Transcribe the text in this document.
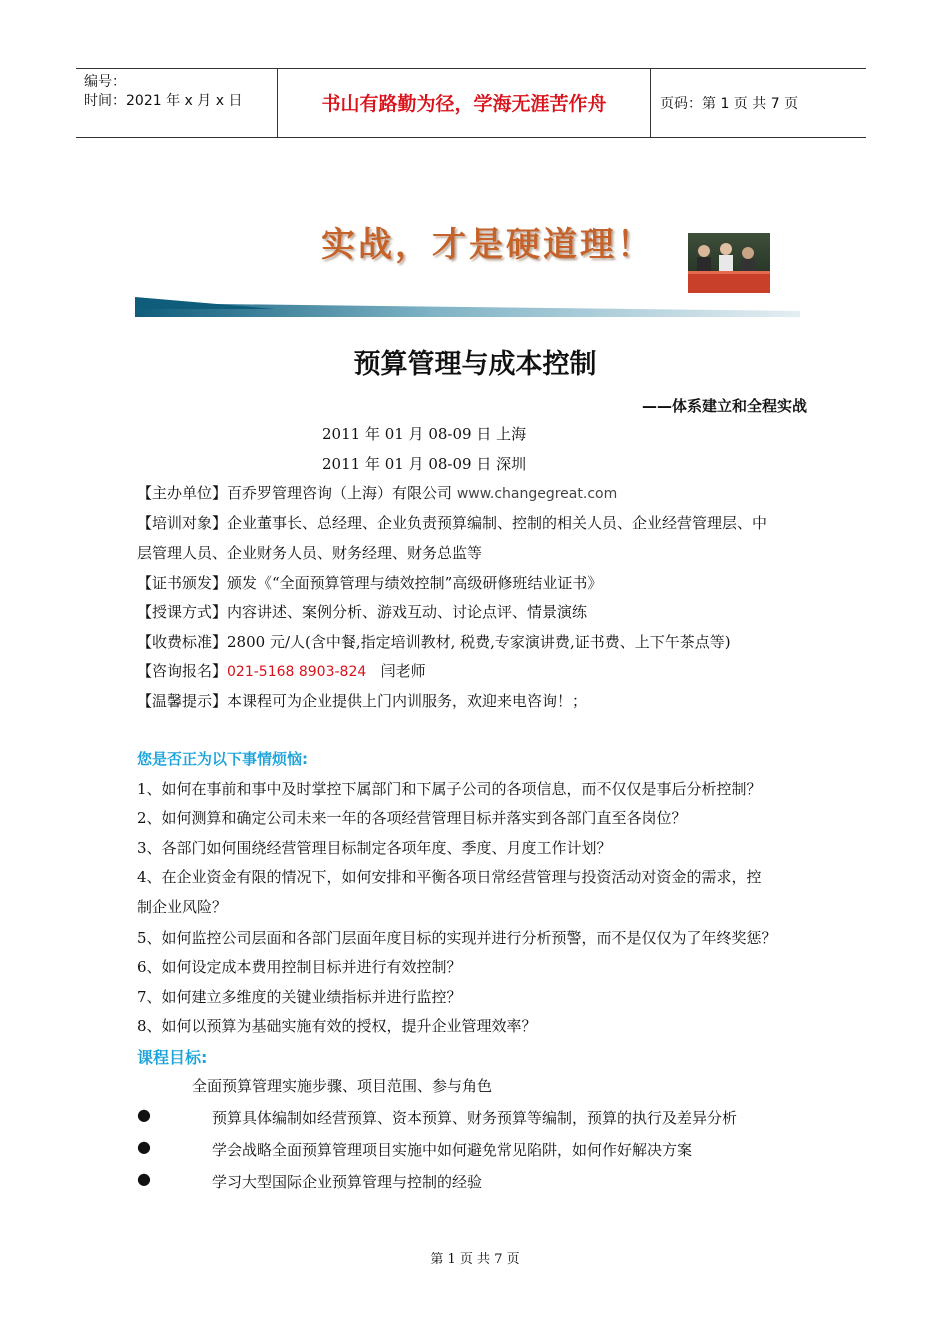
编号：
时间：2021 年 x 月 x 日	书山有路勤为径，学海无涯苦作舟	页码：第 1 页 共 7 页
实战，才是硬道理！
预算管理与成本控制
——体系建立和全程实战
2011 年 01 月 08-09 日 上海
2011 年 01 月 08-09 日 深圳
【主办单位】百乔罗管理咨询（上海）有限公司 www.changegreat.com
【培训对象】企业董事长、总经理、企业负责预算编制、控制的相关人员、企业经营管理层、中
层管理人员、企业财务人员、财务经理、财务总监等
【证书颁发】颁发《“全面预算管理与绩效控制”高级研修班结业证书》
【授课方式】内容讲述、案例分析、游戏互动、讨论点评、情景演练
【收费标准】2800 元/人(含中餐,指定培训教材, 税费,专家演讲费,证书费、上下午茶点等)
【咨询报名】021-5168 8903-824 闫老师
【温馨提示】本课程可为企业提供上门内训服务，欢迎来电咨询！；
您是否正为以下事情烦恼:
1、如何在事前和事中及时掌控下属部门和下属子公司的各项信息，而不仅仅是事后分析控制？
2、如何测算和确定公司未来一年的各项经营管理目标并落实到各部门直至各岗位？
3、各部门如何围绕经营管理目标制定各项年度、季度、月度工作计划？
4、在企业资金有限的情况下，如何安排和平衡各项日常经营管理与投资活动对资金的需求，控
制企业风险？
5、如何监控公司层面和各部门层面年度目标的实现并进行分析预警，而不是仅仅为了年终奖惩？
6、如何设定成本费用控制目标并进行有效控制？
7、如何建立多维度的关键业绩指标并进行监控？
8、如何以预算为基础实施有效的授权，提升企业管理效率？
课程目标:
全面预算管理实施步骤、项目范围、参与角色
●	预算具体编制如经营预算、资本预算、财务预算等编制，预算的执行及差异分析
●	学会战略全面预算管理项目实施中如何避免常见陷阱，如何作好解决方案
●	学习大型国际企业预算管理与控制的经验
第 1 页 共 7 页
